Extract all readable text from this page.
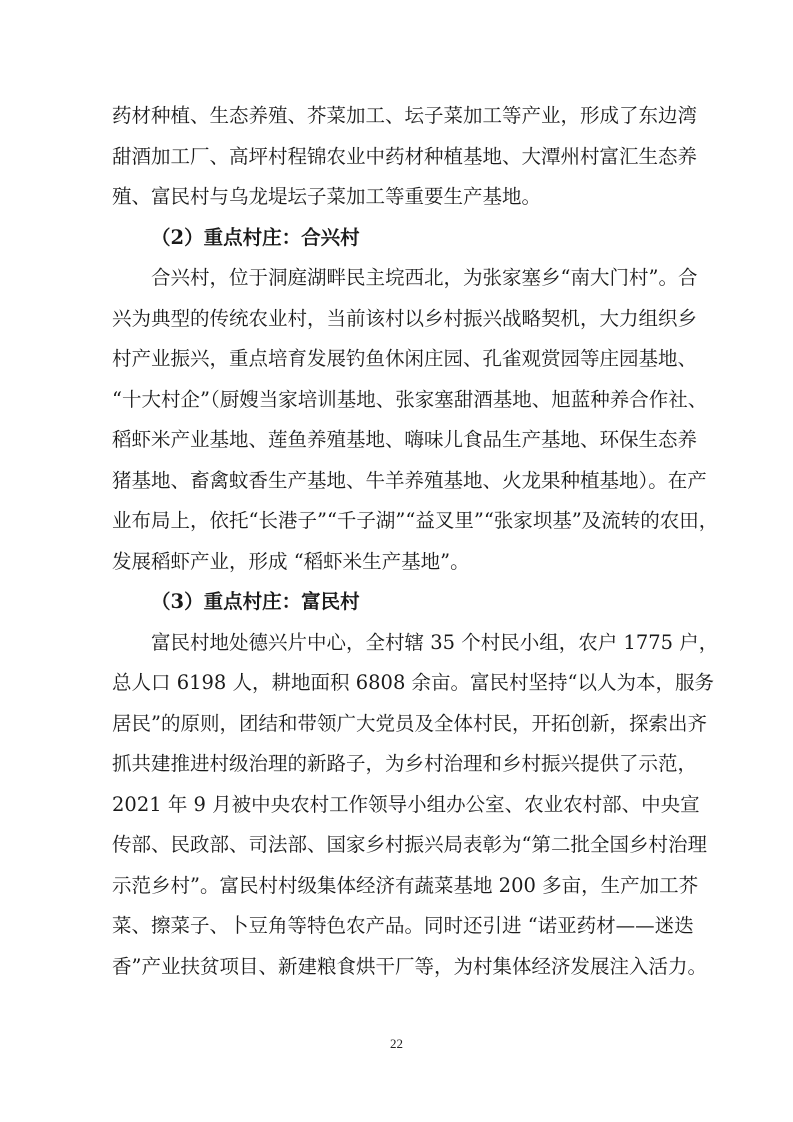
药材种植、生态养殖、芥菜加工、坛子菜加工等产业，形成了东边湾
甜酒加工厂、高坪村程锦农业中药材种植基地、大潭州村富汇生态养
殖、富民村与乌龙堤坛子菜加工等重要生产基地。
（2）重点村庄：合兴村
合兴村，位于洞庭湖畔民主垸西北，为张家塞乡“南大门村”。合
兴为典型的传统农业村，当前该村以乡村振兴战略契机，大力组织乡
村产业振兴，重点培育发展钓鱼休闲庄园、孔雀观赏园等庄园基地、
“十大村企”（厨嫂当家培训基地、张家塞甜酒基地、旭蓝种养合作社、
稻虾米产业基地、莲鱼养殖基地、嗨味儿食品生产基地、环保生态养
猪基地、畜禽蚊香生产基地、牛羊养殖基地、火龙果种植基地）。在产
业布局上，依托“长港子”“千子湖”“益叉里”“张家坝基”及流转的农田，
发展稻虾产业，形成 “稻虾米生产基地”。
（3）重点村庄：富民村
富民村地处德兴片中心，全村辖 35 个村民小组，农户 1775 户，
总人口 6198 人，耕地面积 6808 余亩。富民村坚持“以人为本，服务
居民”的原则，团结和带领广大党员及全体村民，开拓创新，探索出齐
抓共建推进村级治理的新路子，为乡村治理和乡村振兴提供了示范，
2021 年 9 月被中央农村工作领导小组办公室、农业农村部、中央宣
传部、民政部、司法部、国家乡村振兴局表彰为“第二批全国乡村治理
示范乡村”。富民村村级集体经济有蔬菜基地 200 多亩，生产加工芥
菜、擦菜子、卜豆角等特色农产品。同时还引进 “诺亚药材——迷迭
香”产业扶贫项目、新建粮食烘干厂等，为村集体经济发展注入活力。
22
